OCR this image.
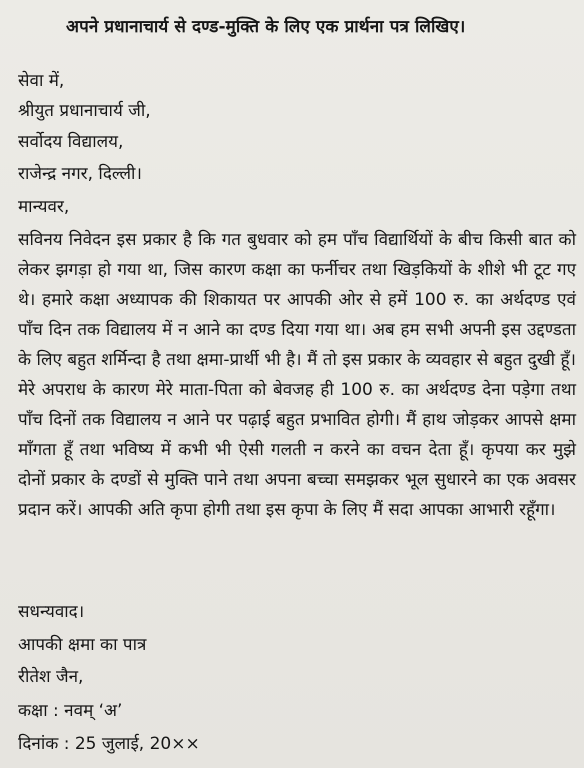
अपने प्रधानाचार्य से दण्ड-मुक्ति के लिए एक प्रार्थना पत्र लिखिए।
सेवा में,
श्रीयुत प्रधानाचार्य जी,
सर्वोदय विद्यालय,
राजेन्द्र नगर, दिल्ली।
मान्यवर,
सविनय निवेदन इस प्रकार है कि गत बुधवार को हम पाँच विद्यार्थियों के बीच किसी बात को लेकर झगड़ा हो गया था, जिस कारण कक्षा का फर्नीचर तथा खिड़कियों के शीशे भी टूट गए थे। हमारे कक्षा अध्यापक की शिकायत पर आपकी ओर से हमें 100 रु. का अर्थदण्ड एवं पाँच दिन तक विद्यालय में न आने का दण्ड दिया गया था। अब हम सभी अपनी इस उद्दण्डता के लिए बहुत शर्मिन्दा है तथा क्षमा-प्रार्थी भी है। मैं तो इस प्रकार के व्यवहार से बहुत दुखी हूँ। मेरे अपराध के कारण मेरे माता-पिता को बेवजह ही 100 रु. का अर्थदण्ड देना पड़ेगा तथा पाँच दिनों तक विद्यालय न आने पर पढ़ाई बहुत प्रभावित होगी। मैं हाथ जोड़कर आपसे क्षमा माँगता हूँ तथा भविष्य में कभी भी ऐसी गलती न करने का वचन देता हूँ। कृपया कर मुझे दोनों प्रकार के दण्डों से मुक्ति पाने तथा अपना बच्चा समझकर भूल सुधारने का एक अवसर प्रदान करें। आपकी अति कृपा होगी तथा इस कृपा के लिए मैं सदा आपका आभारी रहूँगा।
सधन्यवाद।
आपकी क्षमा का पात्र
रीतेश जैन,
कक्षा : नवम् ‘अ’
दिनांक : 25 जुलाई, 20××
